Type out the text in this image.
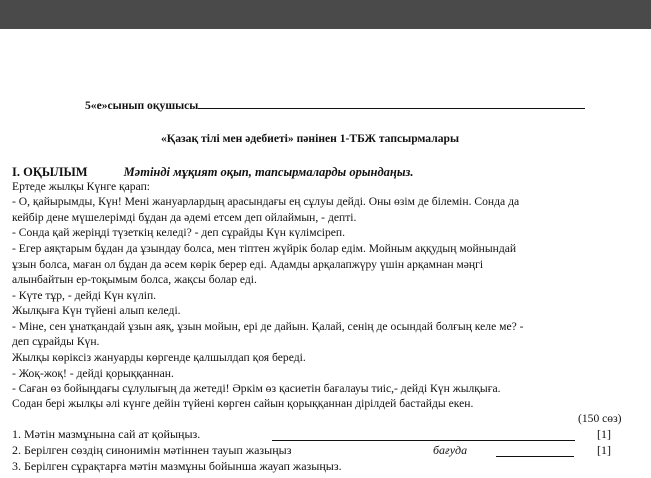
5«е»сынып оқушысы
«Қазақ тілі мен әдебиеті» пәнінен 1-ТБЖ тапсырмалары
I. ОҚЫЛЫМ	Мәтінді мұқият оқып, тапсырмаларды орындаңыз.
Ертеде жылқы Күнге қарап:
- О, қайырымды, Күн! Мені жануарлардың арасындағы ең сұлуы дейді. Оны өзім де білемін. Сонда да
кейбір дене мүшелерімді бұдан да әдемі етсем деп ойлаймын, - депті.
- Сонда қай жеріңді түзеткің келеді? - деп сұрайды Күн күлімсіреп.
- Егер аяқтарым бұдан да ұзындау болса, мен тіптен жүйрік болар едім. Мойным аққудың мойнындай
ұзын болса, маған ол бұдан да әсем көрік берер еді. Адамды арқалапжүру үшін арқамнан мәңгі
алынбайтын ер-тоқымым болса, жақсы болар еді.
- Күте тұр, - дейді Күн күліп.
Жылқыға Күн түйені алып келеді.
- Міне, сен ұнатқандай ұзын аяқ, ұзын мойын, ері де дайын. Қалай, сенің де осындай болғың келе ме? -
деп сұрайды Күн.
Жылқы көріксіз жануарды көргенде қалшылдап қоя береді.
- Жоқ-жоқ! - дейді қорыққаннан.
- Саған өз бойыңдағы сұлулығың да жетеді! Әркім өз қасиетін бағалауы тиіс,- дейді Күн жылқыға.
Содан бері жылқы әлі күнге дейін түйені көрген сайын қорыққаннан дірілдей бастайды екен.
(150 сөз)
1. Мәтін мазмұнына сай ат қойыңыз.	[1]
2. Берілген сөздің синонимін мәтіннен тауып жазыңыз	бағуда	[1]
3. Берілген сұрақтарға мәтін мазмұны бойынша жауап жазыңыз.
